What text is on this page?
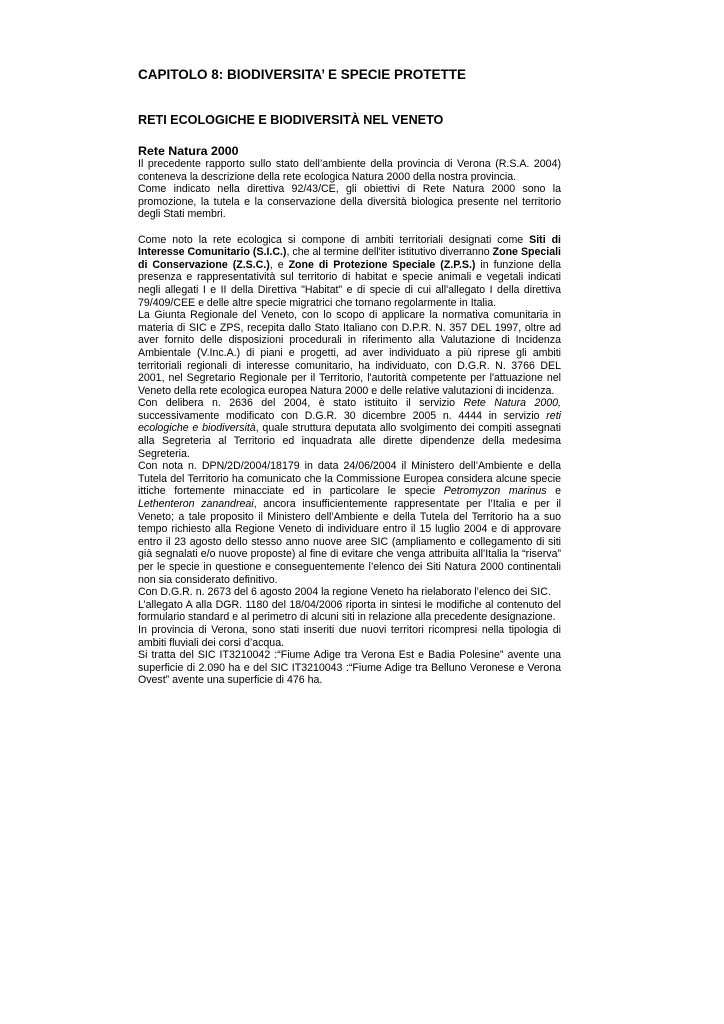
CAPITOLO 8: BIODIVERSITA’ E SPECIE PROTETTE
RETI ECOLOGICHE E BIODIVERSITÀ NEL VENETO
Rete Natura 2000

Il precedente rapporto sullo stato dell’ambiente della provincia di Verona (R.S.A. 2004) conteneva la descrizione della rete ecologica Natura 2000 della nostra provincia.

Come indicato nella direttiva 92/43/CE, gli obiettivi di Rete Natura 2000 sono la promozione, la tutela e la conservazione della diversità biologica presente nel territorio degli Stati membri.

Come noto la rete ecologica si compone di ambiti territoriali designati come Siti di Interesse Comunitario (S.I.C.), che al termine dell'iter istitutivo diverranno Zone Speciali di Conservazione (Z.S.C.), e Zone di Protezione Speciale (Z.P.S.) in funzione della presenza e rappresentatività sul territorio di habitat e specie animali e vegetali indicati negli allegati I e II della Direttiva "Habitat" e di specie di cui all'allegato I della direttiva 79/409/CEE e delle altre specie migratrici che tornano regolarmente in Italia.

La Giunta Regionale del Veneto, con lo scopo di applicare la normativa comunitaria in materia di SIC e ZPS, recepita dallo Stato Italiano con D.P.R. N. 357 DEL 1997, oltre ad aver fornito delle disposizioni procedurali in riferimento alla Valutazione di Incidenza Ambientale (V.Inc.A.) di piani e progetti, ad aver individuato a più riprese gli ambiti territoriali regionali di interesse comunitario, ha individuato, con D.G.R. N. 3766 DEL 2001, nel Segretario Regionale per il Territorio, l'autorità competente per l'attuazione nel Veneto della rete ecologica europea Natura 2000 e delle relative valutazioni di incidenza.

Con delibera n. 2636 del 2004, è stato istituito il servizio Rete Natura 2000, successivamente modificato con D.G.R. 30 dicembre 2005 n. 4444 in servizio reti ecologiche e biodiversità, quale struttura deputata allo svolgimento dei compiti assegnati alla Segreteria al Territorio ed inquadrata alle dirette dipendenze della medesima Segreteria.

Con nota n. DPN/2D/2004/18179 in data 24/06/2004 il Ministero dell’Ambiente e della Tutela del Territorio ha comunicato che la Commissione Europea considera alcune specie ittiche fortemente minacciate ed in particolare le specie Petromyzon marinus e Lethenteron zanandreai, ancora insufficientemente rappresentate per l’Italia e per il Veneto; a tale proposito il Ministero dell’Ambiente e della Tutela del Territorio ha a suo tempo richiesto alla Regione Veneto di individuare entro il 15 luglio 2004 e di approvare entro il 23 agosto dello stesso anno nuove aree SIC (ampliamento e collegamento di siti già segnalati e/o nuove proposte) al fine di evitare che venga attribuita all’Italia la “riserva” per le specie in questione e conseguentemente l’elenco dei Siti Natura 2000 continentali non sia considerato definitivo.

Con D.G.R. n. 2673 del 6 agosto 2004 la regione Veneto ha rielaborato l’elenco dei SIC.

L’allegato A alla DGR. 1180 del 18/04/2006 riporta in sintesi le modifiche al contenuto del formulario standard e al perimetro di alcuni siti in relazione alla precedente designazione.

In provincia di Verona, sono stati inseriti due nuovi territori ricompresi nella tipologia di ambiti fluviali dei corsi d’acqua.

Si tratta del SIC IT3210042 :“Fiume Adige tra Verona Est e Badia Polesine” avente una superficie di 2.090 ha e del SIC IT3210043 :“Fiume Adige tra Belluno Veronese e Verona Ovest” avente una superficie di 476 ha.
